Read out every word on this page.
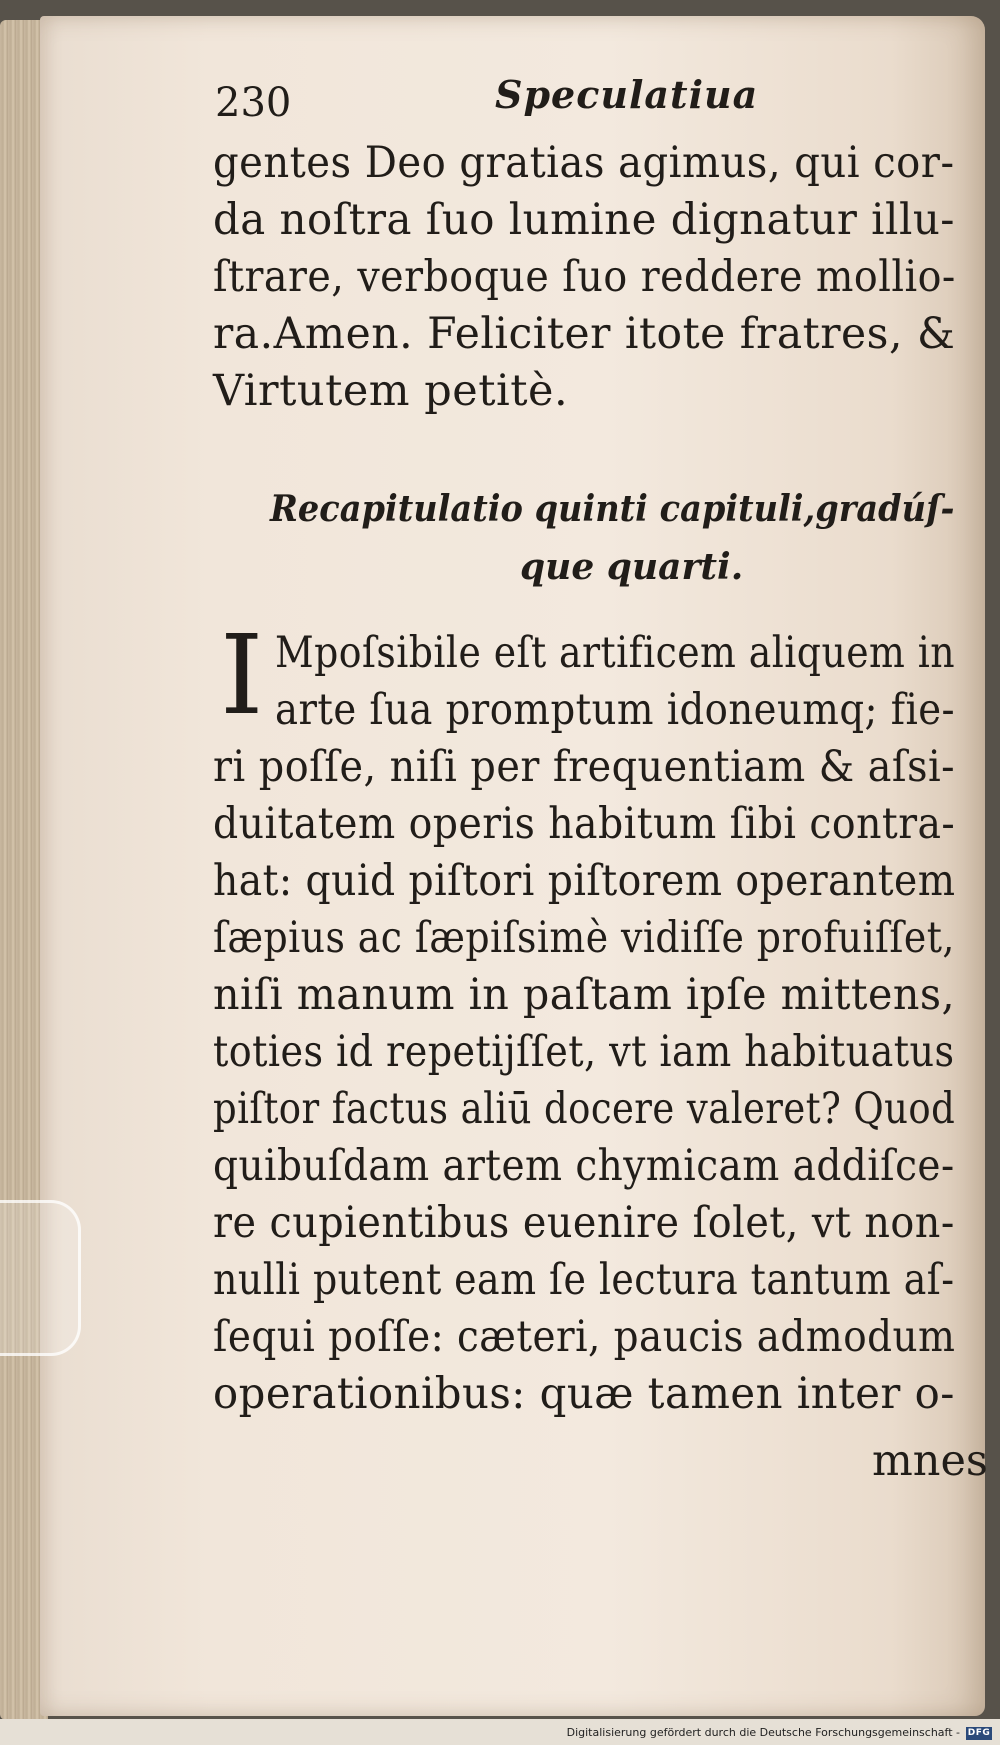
230	Speculatiua
gentes Deo gratias agimus, qui cor-
da noſtra ſuo lumine dignatur illu-
ſtrare, verboque ſuo reddere mollio-
ra.Amen. Feliciter itote fratres, &
Virtutem petitè.
Recapitulatio quinti capituli,gradúſ-
que quarti.
I Mpoſsibile eſt artificem aliquem in
arte ſua promptum idoneumq; fie-
ri poſſe, niſi per frequentiam & aſsi-
duitatem operis habitum ſibi contra-
hat: quid piſtori piſtorem operantem
ſæpius ac ſæpiſsimè vidiſſe profuiſſet,
niſi manum in paſtam ipſe mittens,
toties id repetijſſet, vt iam habituatus
piſtor factus aliū docere valeret? Quod
quibuſdam artem chymicam addiſce-
re cupientibus euenire ſolet, vt non-
nulli putent eam ſe lectura tantum aſ-
ſequi poſſe: cæteri, paucis admodum
operationibus: quæ tamen inter o-
mnes
Digitalisierung gefördert durch die Deutsche Forschungsgemeinschaft - DFG
